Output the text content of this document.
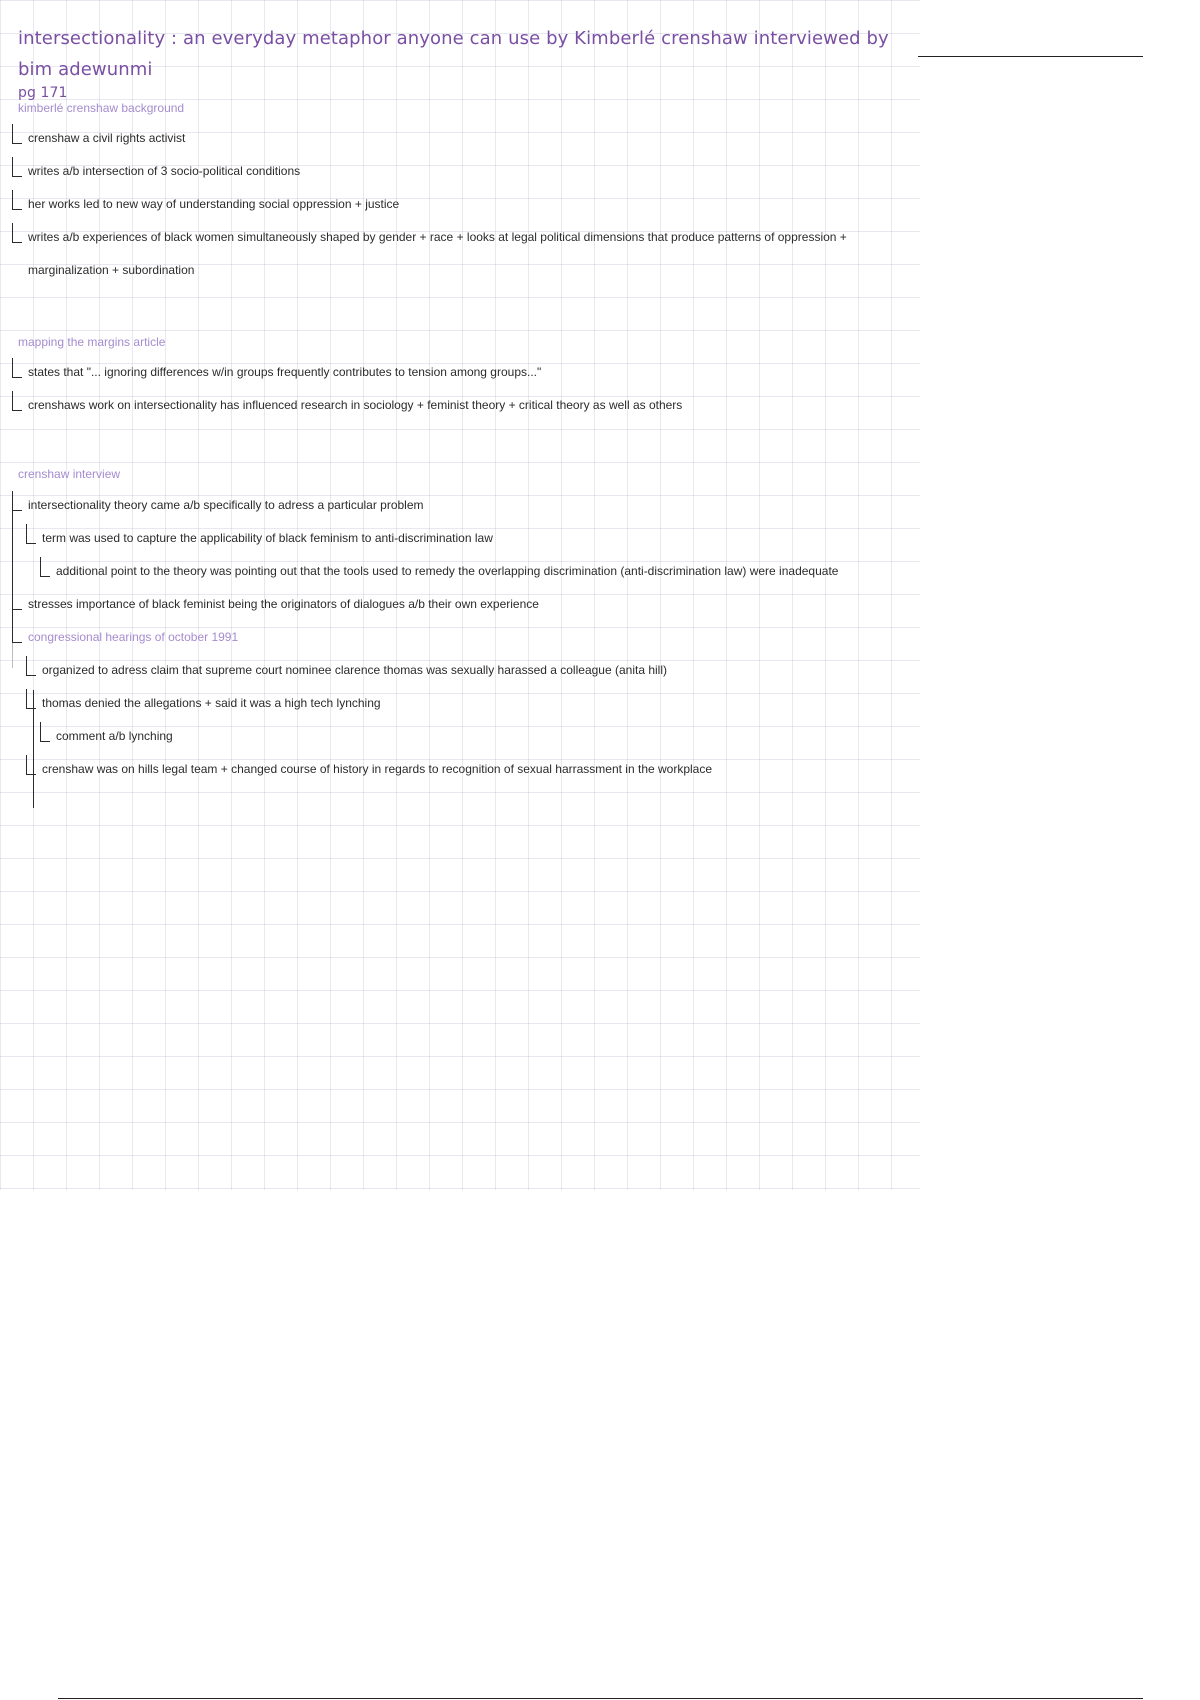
intersectionality : an everyday metaphor anyone can use by Kimberlé crenshaw interviewed by bim adewunmi
pg 171
kimberlé crenshaw background
crenshaw a civil rights activist
writes a/b intersection of 3 socio-political conditions
her works led to new way of understanding social oppression + justice
writes a/b experiences of black women simultaneously shaped by gender + race + looks at legal political dimensions that produce patterns of oppression + marginalization + subordination
mapping the margins article
states that "... ignoring differences w/in groups frequently contributes to tension among groups..."
crenshaws work on intersectionality has influenced research in sociology + feminist theory + critical theory as well as others
crenshaw interview
intersectionality theory came a/b specifically to adress a particular problem
term was used to capture the applicability of black feminism to anti-discrimination law
additional point to the theory was pointing out that the tools used to remedy the overlapping discrimination (anti-discrimination law) were inadequate
stresses importance of black feminist being the originators of dialogues a/b their own experience
congressional hearings of october 1991
organized to adress claim that supreme court nominee clarence thomas was sexually harassed a colleague (anita hill)
thomas denied the allegations + said it was a high tech lynching
comment a/b lynching
crenshaw was on hills legal team + changed course of history in regards to recognition of sexual harrassment in the workplace
